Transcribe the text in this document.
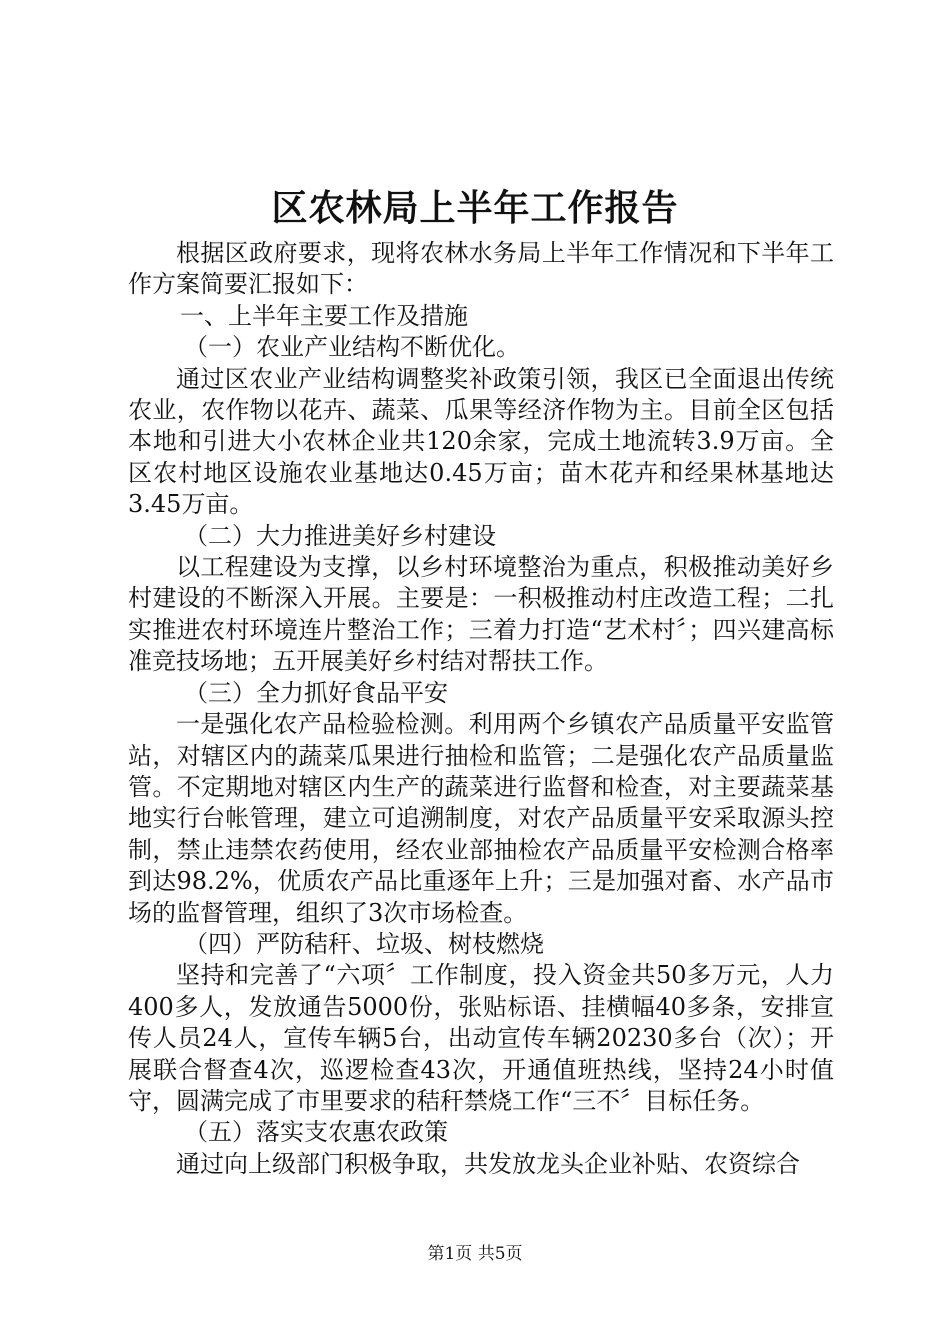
区农林局上半年工作报告

根据区政府要求，现将农林水务局上半年工作情况和下半年工作方案简要汇报如下：

一、上半年主要工作及措施

（一）农业产业结构不断优化。

通过区农业产业结构调整奖补政策引领，我区已全面退出传统农业，农作物以花卉、蔬菜、瓜果等经济作物为主。目前全区包括本地和引进大小农林企业共120余家，完成土地流转3.9万亩。全区农村地区设施农业基地达0.45万亩；苗木花卉和经果林基地达3.45万亩。

（二）大力推进美好乡村建设

以工程建设为支撑，以乡村环境整治为重点，积极推动美好乡村建设的不断深入开展。主要是：一积极推动村庄改造工程；二扎实推进农村环境连片整治工作；三着力打造“艺术村〞；四兴建高标准竞技场地；五开展美好乡村结对帮扶工作。

（三）全力抓好食品平安

一是强化农产品检验检测。利用两个乡镇农产品质量平安监管站，对辖区内的蔬菜瓜果进行抽检和监管；二是强化农产品质量监管。不定期地对辖区内生产的蔬菜进行监督和检查，对主要蔬菜基地实行台帐管理，建立可追溯制度，对农产品质量平安采取源头控制，禁止违禁农药使用，经农业部抽检农产品质量平安检测合格率到达98.2%，优质农产品比重逐年上升；三是加强对畜、水产品市场的监督管理，组织了3次市场检查。

（四）严防秸秆、垃圾、树枝燃烧

坚持和完善了“六项〞工作制度，投入资金共50多万元，人力400多人，发放通告5000份，张贴标语、挂横幅40多条，安排宣传人员24人，宣传车辆5台，出动宣传车辆20230多台（次）；开展联合督查4次，巡逻检查43次，开通值班热线，坚持24小时值守，圆满完成了市里要求的秸秆禁烧工作“三不〞目标任务。

（五）落实支农惠农政策

通过向上级部门积极争取，共发放龙头企业补贴、农资综合

第1页 共5页
